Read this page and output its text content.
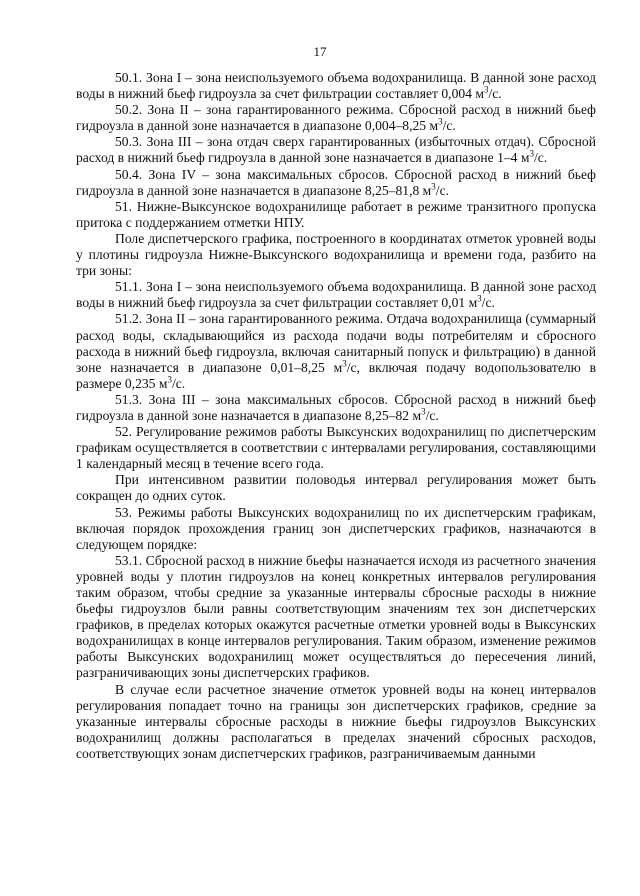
17

50.1. Зона I – зона неиспользуемого объема водохранилища. В данной зоне расход воды в нижний бьеф гидроузла за счет фильтрации составляет 0,004 $м^3/с$.

50.2. Зона II – зона гарантированного режима. Сбросной расход в нижний бьеф гидроузла в данной зоне назначается в диапазоне 0,004–8,25 $м^3/с$.

50.3. Зона III – зона отдач сверх гарантированных (избыточных отдач). Сбросной расход в нижний бьеф гидроузла в данной зоне назначается в диапазоне 1–4 $м^3/с$.

50.4. Зона IV – зона максимальных сбросов. Сбросной расход в нижний бьеф гидроузла в данной зоне назначается в диапазоне 8,25–81,8 $м^3/с$.

51. Нижне-Выксунское водохранилище работает в режиме транзитного пропуска притока с поддержанием отметки НПУ.

Поле диспетчерского графика, построенного в координатах отметок уровней воды у плотины гидроузла Нижне-Выксунского водохранилища и времени года, разбито на три зоны:

51.1. Зона I – зона неиспользуемого объема водохранилища. В данной зоне расход воды в нижний бьеф гидроузла за счет фильтрации составляет 0,01 $м^3/с$.

51.2. Зона II – зона гарантированного режима. Отдача водохранилища (суммарный расход воды, складывающийся из расхода подачи воды потребителям и сбросного расхода в нижний бьеф гидроузла, включая санитарный попуск и фильтрацию) в данной зоне назначается в диапазоне 0,01–8,25 $м^3/с$, включая подачу водопользователю в размере 0,235 $м^3/с$.

51.3. Зона III – зона максимальных сбросов. Сбросной расход в нижний бьеф гидроузла в данной зоне назначается в диапазоне 8,25–82 $м^3/с$.

52. Регулирование режимов работы Выксунских водохранилищ по диспетчерским графикам осуществляется в соответствии с интервалами регулирования, составляющими 1 календарный месяц в течение всего года.

При интенсивном развитии половодья интервал регулирования может быть сокращен до одних суток.

53. Режимы работы Выксунских водохранилищ по их диспетчерским графикам, включая порядок прохождения границ зон диспетчерских графиков, назначаются в следующем порядке:

53.1. Сбросной расход в нижние бьефы назначается исходя из расчетного значения уровней воды у плотин гидроузлов на конец конкретных интервалов регулирования таким образом, чтобы средние за указанные интервалы сбросные расходы в нижние бьефы гидроузлов были равны соответствующим значениям тех зон диспетчерских графиков, в пределах которых окажутся расчетные отметки уровней воды в Выксунских водохранилищах в конце интервалов регулирования. Таким образом, изменение режимов работы Выксунских водохранилищ может осуществляться до пересечения линий, разграничивающих зоны диспетчерских графиков.

В случае если расчетное значение отметок уровней воды на конец интервалов регулирования попадает точно на границы зон диспетчерских графиков, средние за указанные интервалы сбросные расходы в нижние бьефы гидроузлов Выксунских водохранилищ должны располагаться в пределах значений сбросных расходов, соответствующих зонам диспетчерских графиков, разграничиваемым данными
